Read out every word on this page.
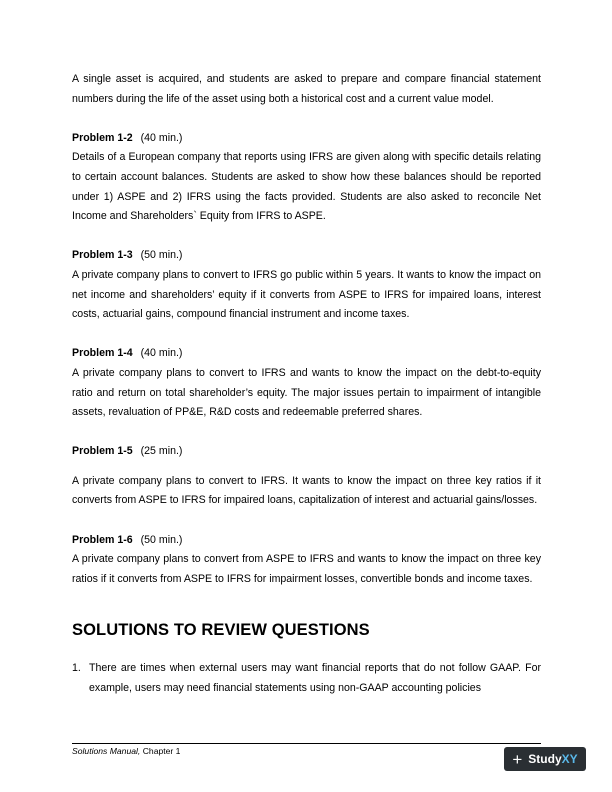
A single asset is acquired, and students are asked to prepare and compare financial statement numbers during the life of the asset using both a historical cost and a current value model.

Problem 1-2 (40 min.)

Details of a European company that reports using IFRS are given along with specific details relating to certain account balances. Students are asked to show how these balances should be reported under 1) ASPE and 2) IFRS using the facts provided. Students are also asked to reconcile Net Income and Shareholders` Equity from IFRS to ASPE.

Problem 1-3 (50 min.)

A private company plans to convert to IFRS go public within 5 years. It wants to know the impact on net income and shareholders’ equity if it converts from ASPE to IFRS for impaired loans, interest costs, actuarial gains, compound financial instrument and income taxes.

Problem 1-4 (40 min.)

A private company plans to convert to IFRS and wants to know the impact on the debt-to-equity ratio and return on total shareholder’s equity. The major issues pertain to impairment of intangible assets, revaluation of PP&E, R&D costs and redeemable preferred shares.

Problem 1-5 (25 min.)

A private company plans to convert to IFRS. It wants to know the impact on three key ratios if it converts from ASPE to IFRS for impaired loans, capitalization of interest and actuarial gains/losses.

Problem 1-6 (50 min.)

A private company plans to convert from ASPE to IFRS and wants to know the impact on three key ratios if it converts from ASPE to IFRS for impairment losses, convertible bonds and income taxes.

SOLUTIONS TO REVIEW QUESTIONS
1. There are times when external users may want financial reports that do not follow GAAP. For example, users may need financial statements using non-GAAP accounting policies
Solutions Manual, Chapter 1	+ Study XY
